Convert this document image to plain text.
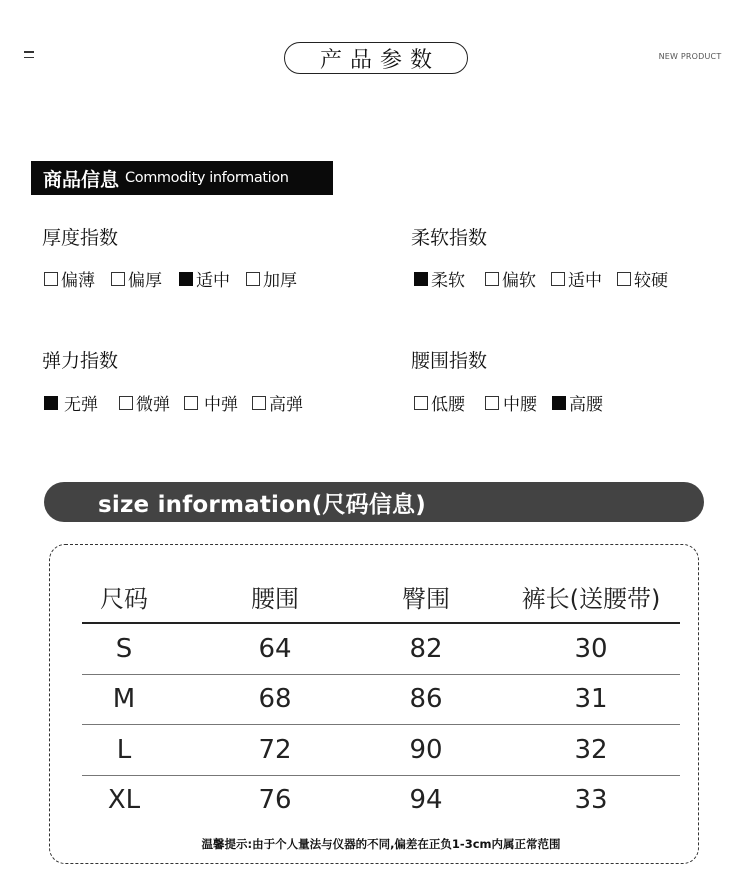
产品参数	NEW PRODUCT
商品信息 Commodity information
厚度指数
偏薄 偏厚 适中 加厚
柔软指数
柔软 偏软 适中 较硬
弹力指数
无弹 微弹 中弹 高弹
腰围指数
低腰 中腰 高腰
size information(尺码信息)
尺码	腰围	臀围	裤长(送腰带)
S	64	82	30
M	68	86	31
L	72	90	32
XL	76	94	33
温馨提示:由于个人量法与仪器的不同,偏差在正负1-3cm内属正常范围
